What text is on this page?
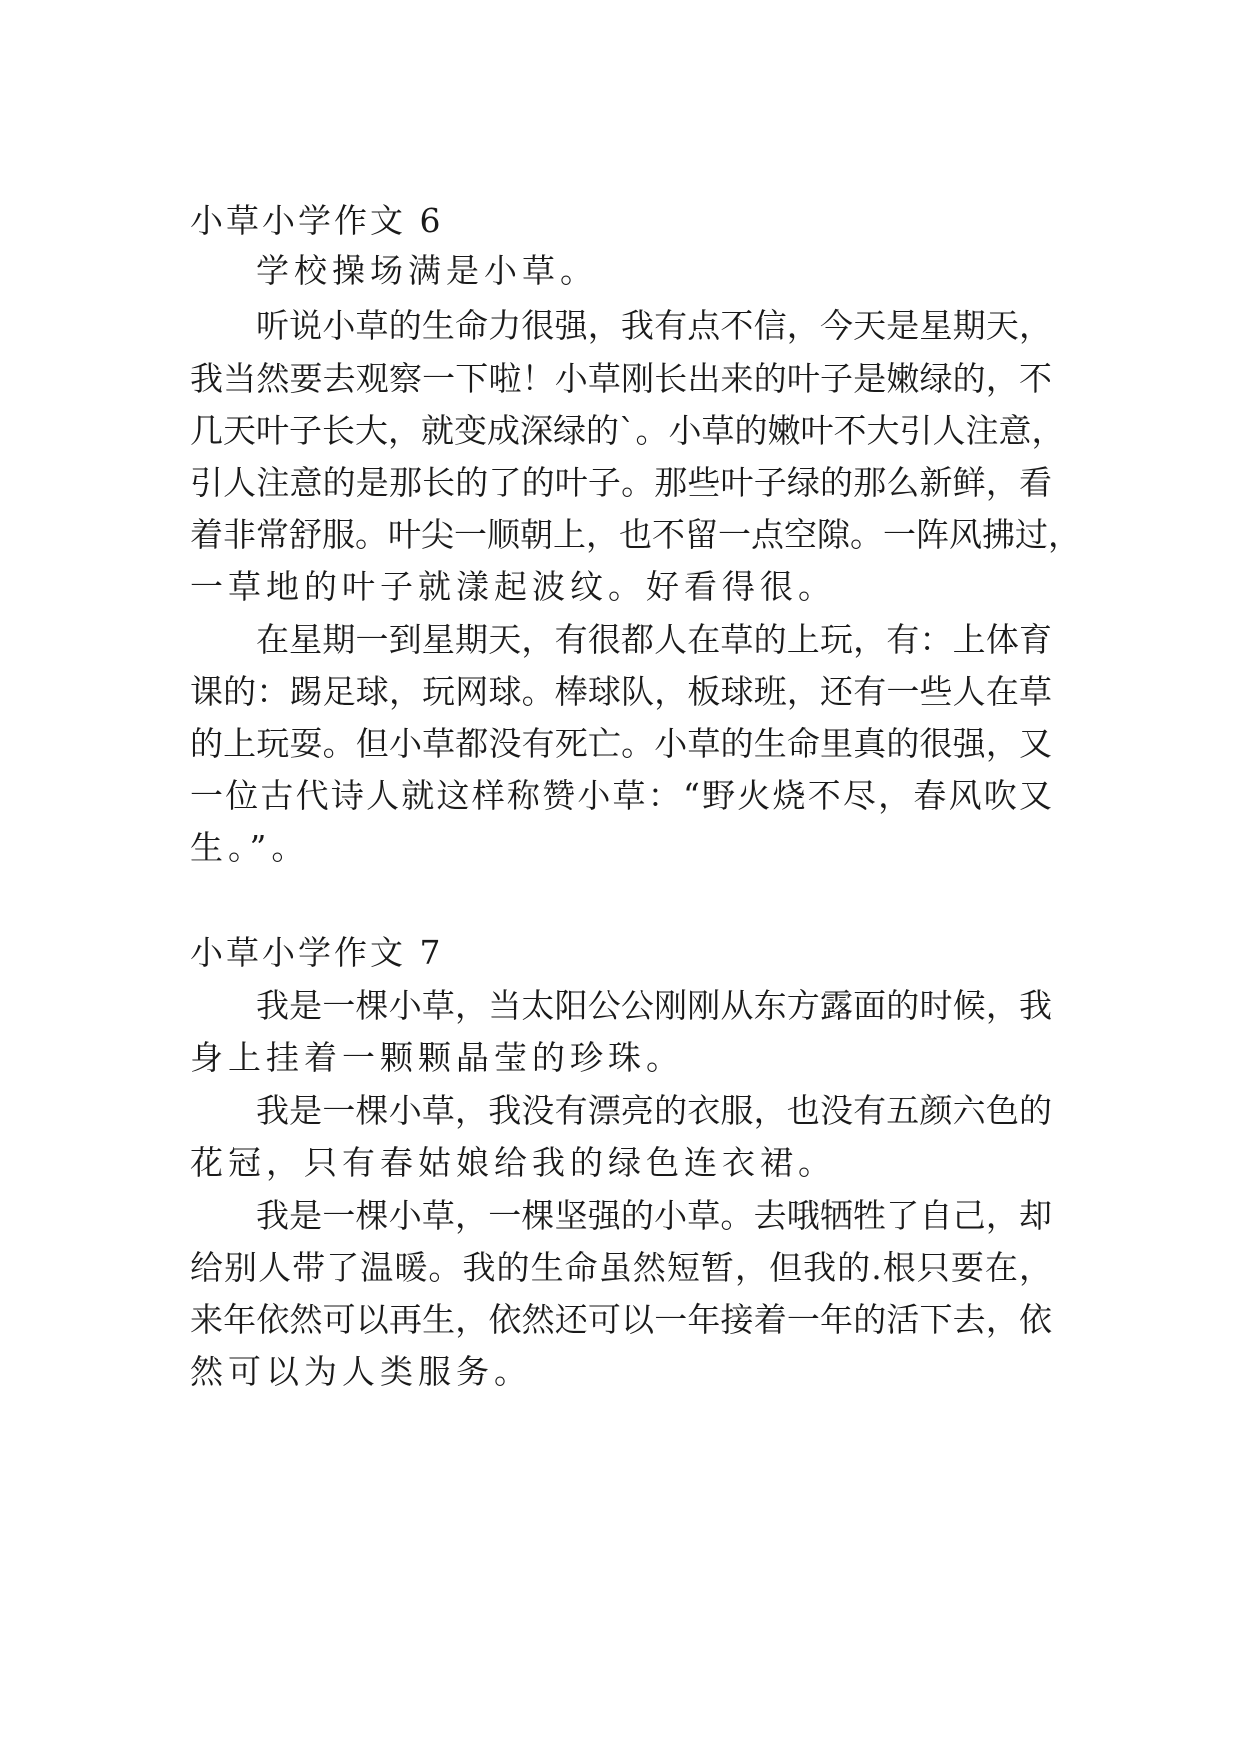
小草小学作文 6
学校操场满是小草。
听说小草的生命力很强，我有点不信，今天是星期天，
我当然要去观察一下啦！小草刚长出来的叶子是嫩绿的，不
几天叶子长大，就变成深绿的`。小草的嫩叶不大引人注意，
引人注意的是那长的了的叶子。那些叶子绿的那么新鲜，看
着非常舒服。叶尖一顺朝上，也不留一点空隙。一阵风拂过，
一草地的叶子就漾起波纹。好看得很。
在星期一到星期天，有很都人在草的上玩，有：上体育
课的：踢足球，玩网球。棒球队，板球班，还有一些人在草
的上玩耍。但小草都没有死亡。小草的生命里真的很强，又
一位古代诗人就这样称赞小草：“野火烧不尽，春风吹又
生。”。
小草小学作文 7
我是一棵小草，当太阳公公刚刚从东方露面的时候，我
身上挂着一颗颗晶莹的珍珠。
我是一棵小草，我没有漂亮的衣服，也没有五颜六色的
花冠，只有春姑娘给我的绿色连衣裙。
我是一棵小草，一棵坚强的小草。去哦牺牲了自己，却
给别人带了温暖。我的生命虽然短暂，但我的.根只要在，
来年依然可以再生，依然还可以一年接着一年的活下去，依
然可以为人类服务。
